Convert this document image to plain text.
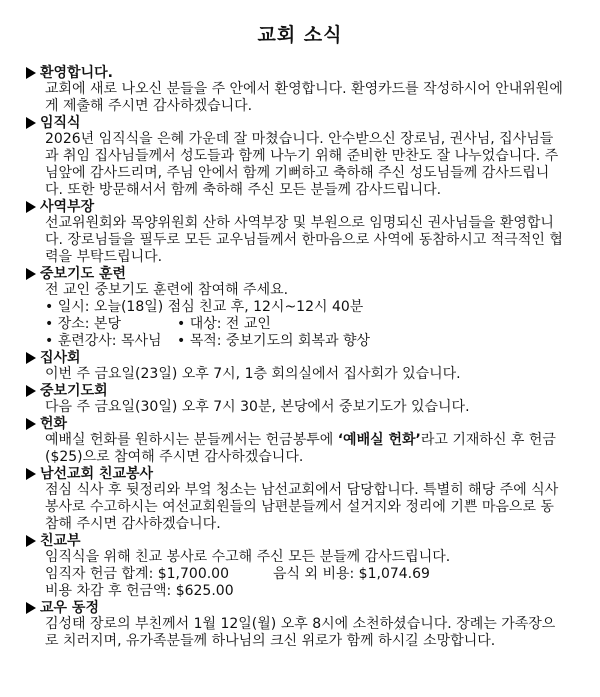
교회 소식
환영합니다.

교회에 새로 나오신 분들을 주 안에서 환영합니다. 환영카드를 작성하시어 안내위원에게 제출해 주시면 감사하겠습니다.

임직식

2026년 임직식을 은혜 가운데 잘 마쳤습니다. 안수받으신 장로님, 권사님, 집사님들과 취임 집사님들께서 성도들과 함께 나누기 위해 준비한 만찬도 잘 나누었습니다. 주님앞에 감사드리며, 주님 안에서 함께 기뻐하고 축하해 주신 성도님들께 감사드립니다. 또한 방문해서서 함께 축하해 주신 모든 분들께 감사드립니다.

사역부장

선교위원회와 목양위원회 산하 사역부장 및 부원으로 임명되신 권사님들을 환영합니다. 장로님들을 필두로 모든 교우님들께서 한마음으로 사역에 동참하시고 적극적인 협력을 부탁드립니다.

중보기도 훈련

전 교인 중보기도 훈련에 참여해 주세요.

• 일시: 오늘(18일) 점심 친교 후, 12시~12시 40분

• 장소: 본당	• 대상: 전 교인
• 훈련강사: 목사님	• 목적: 중보기도의 회복과 향상
집사회

이번 주 금요일(23일) 오후 7시, 1층 회의실에서 집사회가 있습니다.

중보기도회

다음 주 금요일(30일) 오후 7시 30분, 본당에서 중보기도가 있습니다.

헌화

예배실 헌화를 원하시는 분들께서는 헌금봉투에 ‘예배실 헌화’라고 기재하신 후 헌금($25)으로 참여해 주시면 감사하겠습니다.

남선교회 친교봉사

점심 식사 후 뒷정리와 부엌 청소는 남선교회에서 담당합니다. 특별히 해당 주에 식사 봉사로 수고하시는 여선교회원들의 남편분들께서 설거지와 정리에 기쁜 마음으로 동참해 주시면 감사하겠습니다.

친교부

임직식을 위해 친교 봉사로 수고해 주신 모든 분들께 감사드립니다.

임직자 헌금 합계: $1,700.00	음식 외 비용: $1,074.69

비용 차감 후 헌금액: $625.00

교우 동정

김성태 장로의 부친께서 1월 12일(월) 오후 8시에 소천하셨습니다. 장례는 가족장으로 치러지며, 유가족분들께 하나님의 크신 위로가 함께 하시길 소망합니다.
